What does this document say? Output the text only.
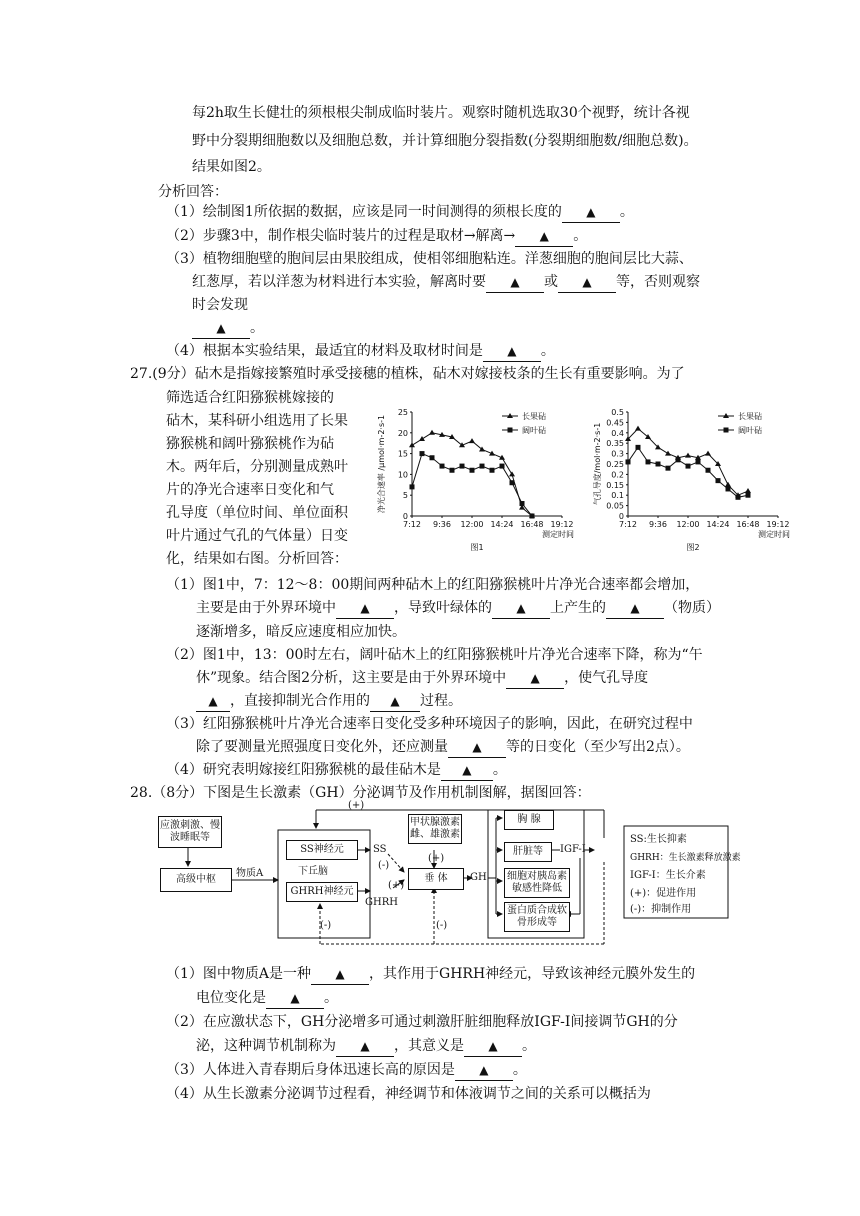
每2h取生长健壮的须根根尖制成临时装片。观察时随机选取30个视野，统计各视
野中分裂期细胞数以及细胞总数，并计算细胞分裂指数(分裂期细胞数/细胞总数)。
结果如图2。
分析回答：
（1）绘制图1所依据的数据，应该是同一时间测得的须根长度的 ▲ 。
（2）步骤3中，制作根尖临时装片的过程是取材→解离→ ▲ 。
（3）植物细胞壁的胞间层由果胶组成，使相邻细胞粘连。洋葱细胞的胞间层比大蒜、
红葱厚，若以洋葱为材料进行本实验，解离时要 ▲ 或 ▲ 等，否则观察
时会发现
▲ 。
（4）根据本实验结果，最适宜的材料及取材时间是 ▲ 。
27.(9分）砧木是指嫁接繁殖时承受接穗的植株，砧木对嫁接枝条的生长有重要影响。为了
筛选适合红阳猕猴桃嫁接的
砧木，某科研小组选用了长果
猕猴桃和阔叶猕猴桃作为砧
木。两年后，分别测量成熟叶
片的净光合速率日变化和气
孔导度（单位时间、单位面积
叶片通过气孔的气体量）日变
化，结果如右图。分析回答：
0
5
10
15
20
25
7:12 9:36 12:00 14:24 16:48 19:12
测定时间
净光合速率 /μmol·m-2·s-1
图1
长果砧
阔叶砧
0
0.05
0.1
0.15
0.2
0.25
0.3
0.35
0.4
0.45
0.5
7:12 9:36 12:00 14:24 16:48 19:12
测定时间
气孔导度/mol·m-2·s-1
图2
长果砧
阔叶砧
（1）图1中，7：12～8：00期间两种砧木上的红阳猕猴桃叶片净光合速率都会增加，
主要是由于外界环境中 ▲ ，导致叶绿体的 ▲ 上产生的 ▲ （物质）
逐渐增多，暗反应速度相应加快。
（2）图1中，13：00时左右，阔叶砧木上的红阳猕猴桃叶片净光合速率下降，称为“午
休”现象。结合图2分析，这主要是由于外界环境中 ▲ ，使气孔导度
▲ ，直接抑制光合作用的 ▲ 过程。
（3）红阳猕猴桃叶片净光合速率日变化受多种环境因子的影响，因此，在研究过程中
除了要测量光照强度日变化外，还应测量 ▲ 等的日变化（至少写出2点）。
（4）研究表明嫁接红阳猕猴桃的最佳砧木是 ▲ 。
28.（8分）下图是生长激素（GH）分泌调节及作用机制图解，据图回答：
应激刺激、慢波睡眠等
高级中枢
物质A
SS神经元
下丘脑
GHRH神经元
SS
GHRH
(-)
(+)
甲状腺激素雌、雄激素
(+)
垂 体	GH
胸 腺
肝脏等	IGF-Ⅰ
细胞对胰岛素敏感性降低
蛋白质合成软骨形成等
(+)
(-)	(-)
SS:生长抑素
GHRH：生长激素释放激素
IGF-Ⅰ：生长介素
(+)：促进作用
(-)：抑制作用
（1）图中物质A是一种 ▲ ，其作用于GHRH神经元，导致该神经元膜外发生的
电位变化是 ▲ 。
（2）在应激状态下，GH分泌增多可通过刺激肝脏细胞释放IGF-Ⅰ间接调节GH的分
泌，这种调节机制称为 ▲ ，其意义是 ▲ 。
（3）人体进入青春期后身体迅速长高的原因是 ▲ 。
（4）从生长激素分泌调节过程看，神经调节和体液调节之间的关系可以概括为
